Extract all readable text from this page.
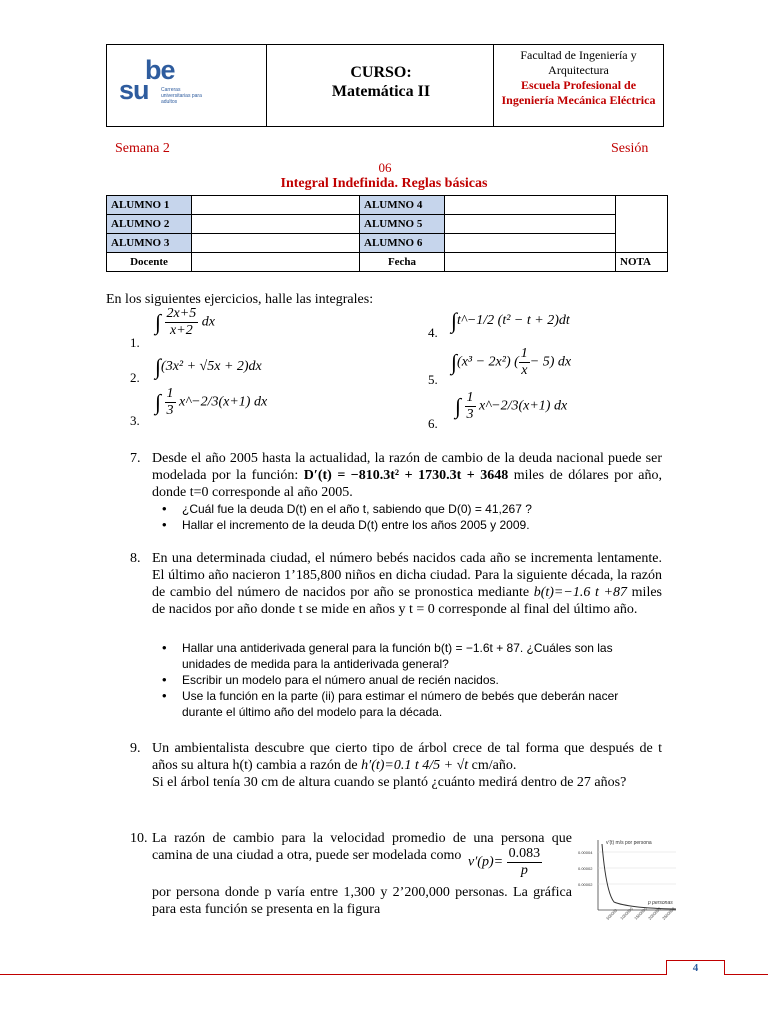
be
su Carreras universitarias para adultos
CURSO:
Matemática II
Facultad de Ingeniería y Arquitectura
Escuela Profesional de Ingeniería Mecánica Eléctrica
Semana 2	Sesión
06
Integral Indefinida. Reglas básicas
ALUMNO 1		ALUMNO 4		
ALUMNO 2		ALUMNO 5		
ALUMNO 3		ALUMNO 6		
Docente		Fecha		NOTA
En los siguientes ejercicios, halle las integrales:
1.
∫ $\frac{2x+5}{x+2}$ dx
2. ∫(3x² + √5x + 2)dx
3.
∫ $\frac{1}{3}$ x^−2/3(x+1) dx
4. ∫t^−1/2 (t² − t + 2)dt
5.
∫(x³ − 2x²) ( $\frac{1}{x} - 5$) dx
6.
∫ $\frac{1}{3}$ x^−2/3(x+1) dx
7. Desde el año 2005 hasta la actualidad, la razón de cambio de la deuda nacional puede ser modelada por la función: D′(t) = −810.3t² + 1730.3t + 3648 miles de dólares por año, donde t=0 corresponde al año 2005.
• ¿Cuál fue la deuda D(t) en el año t, sabiendo que D(0) = 41,267 ?
• Hallar el incremento de la deuda D(t) entre los años 2005 y 2009.
8. En una determinada ciudad, el número bebés nacidos cada año se incrementa lentamente. El último año nacieron 1’185,800 niños en dicha ciudad. Para la siguiente década, la razón de cambio del número de nacidos por año se pronostica mediante b(t)=−1.6 t +87 miles de nacidos por año donde t se mide en años y t = 0 corresponde al final del último año.
• Hallar una antiderivada general para la función b(t) = −1.6t + 87. ¿Cuáles son las unidades de medida para la antiderivada general?
• Escribir un modelo para el número anual de recién nacidos.
• Use la función en la parte (ii) para estimar el número de bebés que deberán nacer durante el último año del modelo para la década.
9. Un ambientalista descubre que cierto tipo de árbol crece de tal forma que después de t años su altura h(t) cambia a razón de h′(t)=0.1 t 4/5 + √t cm/año.
Si el árbol tenía 30 cm de altura cuando se plantó ¿cuánto medirá dentro de 27 años?
10. La razón de cambio para la velocidad promedio de una persona que camina de una ciudad a otra, puede ser modelada como $v'(p)= \frac{0.083}{p}$
por persona donde p varía entre 1,300 y 2’200,000 personas. La gráfica para esta función se presenta en la figura
v′(t) m/s por persona
p personas
0.00004
0.00002
0.00002
500000 1000000 1500000 2000000 2500000
4
